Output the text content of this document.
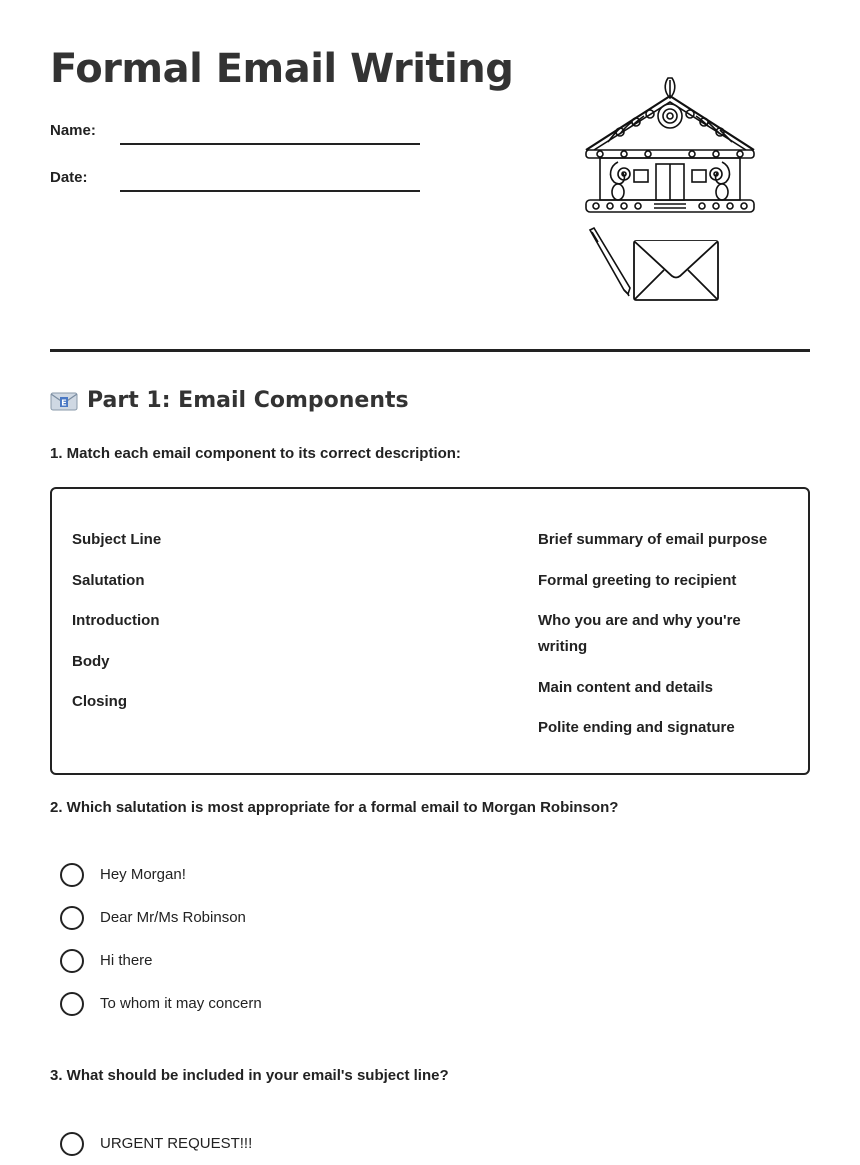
Formal Email Writing
Name:
Date:
E Part 1: Email Components

1. Match each email component to its correct description:

Subject Line
Salutation
Introduction
Body
Closing
Brief summary of email purpose
Formal greeting to recipient
Who you are and why you're writing
Main content and details
Polite ending and signature

2. Which salutation is most appropriate for a formal email to Morgan Robinson?

Hey Morgan!
Dear Mr/Ms Robinson
Hi there
To whom it may concern

3. What should be included in your email's subject line?

URGENT REQUEST!!!
